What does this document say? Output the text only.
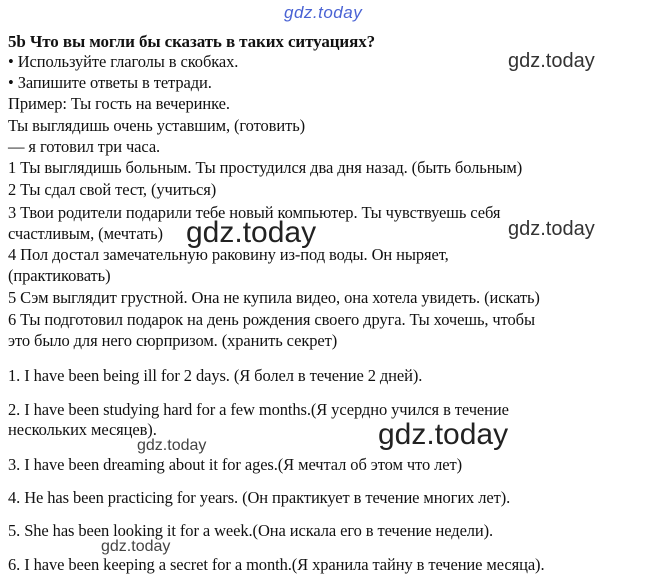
gdz.today
gdz.today
gdz.today	gdz.today
gdz.today
gdz.today
gdz.today
5b Что вы могли бы сказать в таких ситуациях?
• Используйте глаголы в скобках.
• Запишите ответы в тетради.
Пример: Ты гость на вечеринке.
Ты выглядишь очень уставшим, (готовить)
— я готовил три часа.
1 Ты выглядишь больным. Ты простудился два дня назад. (быть больным)
2 Ты сдал свой тест, (учиться)
3 Твои родители подарили тебе новый компьютер. Ты чувствуешь себя
счастливым, (мечтать)
4 Пол достал замечательную раковину из-под воды. Он ныряет,
(практиковать)
5 Сэм выглядит грустной. Она не купила видео, она хотела увидеть. (искать)
6 Ты подготовил подарок на день рождения своего друга. Ты хочешь, чтобы
это было для него сюрпризом. (хранить секрет)
1. I have been being ill for 2 days. (Я болел в течение 2 дней).
2. I have been studying hard for a few months.(Я усердно учился в течение
нескольких месяцев).
3. I have been dreaming about it for ages.(Я мечтал об этом что лет)
4. He has been practicing for years. (Он практикует в течение многих лет).
5. She has been looking it for a week.(Она искала его в течение недели).
6. I have been keeping a secret for a month.(Я хранила тайну в течение месяца).
